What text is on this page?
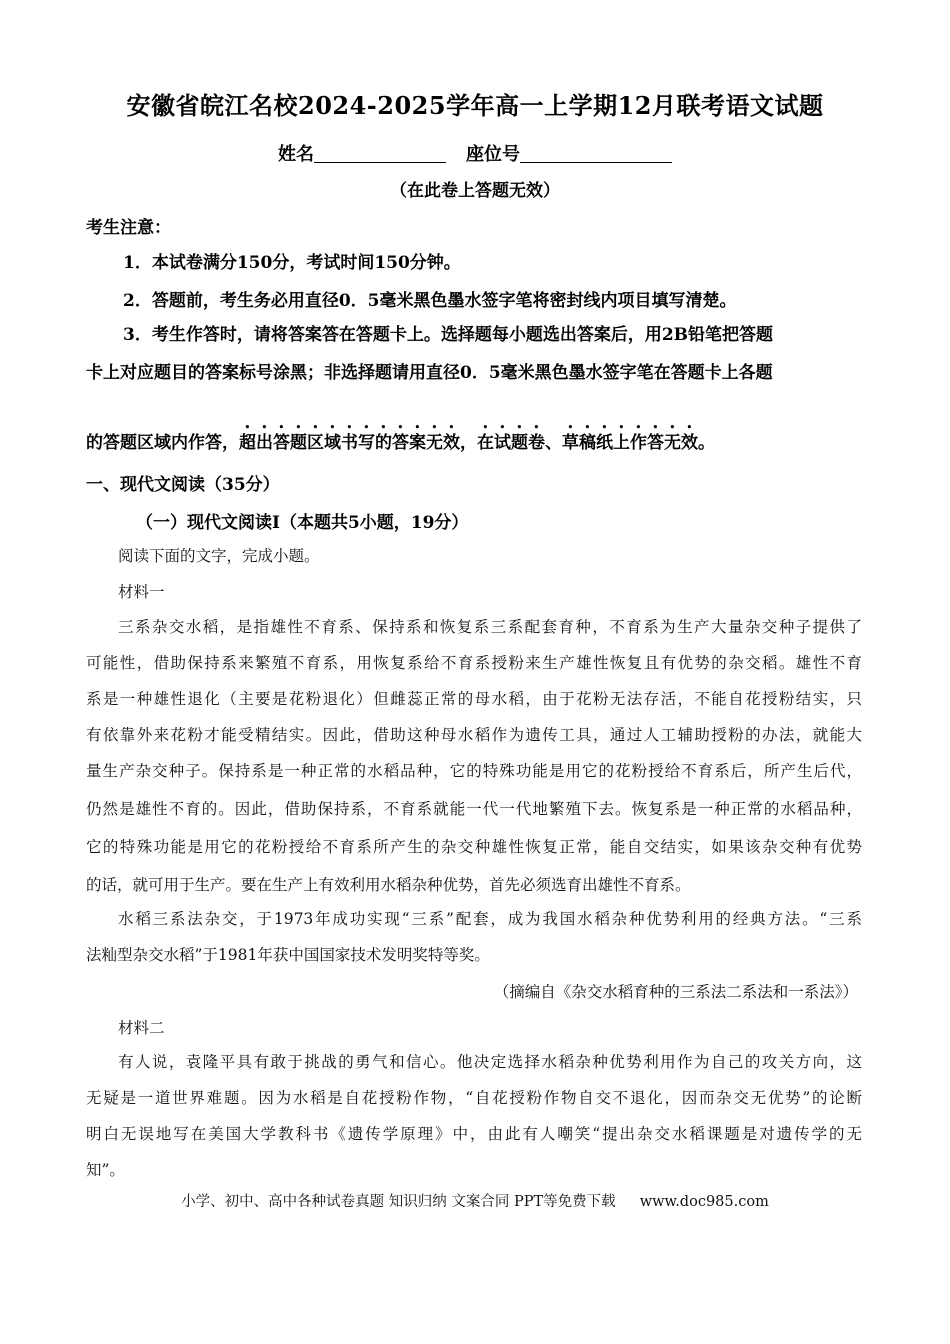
安徽省皖江名校2024-2025学年高一上学期12月联考语文试题
姓名	座位号
（在此卷上答题无效）
考生注意：
1．本试卷满分150分，考试时间150分钟。
2．答题前，考生务必用直径0．5毫米黑色墨水签字笔将密封线内项目填写清楚。
3．考生作答时，请将答案答在答题卡上。选择题每小题选出答案后，用2B铅笔把答题
卡上对应题目的答案标号涂黑；非选择题请用直径0．5毫米黑色墨水签字笔在答题卡上各题
的答题区域内作答，超出答题区域书写的答案无效，在试题卷、草稿纸上作答无效。
一、现代文阅读（35分）
（一）现代文阅读Ⅰ（本题共5小题，19分）
阅读下面的文字，完成小题。
材料一
三系杂交水稻，是指雄性不育系、保持系和恢复系三系配套育种，不育系为生产大量杂交种子提供了
可能性，借助保持系来繁殖不育系，用恢复系给不育系授粉来生产雄性恢复且有优势的杂交稻。雄性不育
系是一种雄性退化（主要是花粉退化）但雌蕊正常的母水稻，由于花粉无法存活，不能自花授粉结实，只
有依靠外来花粉才能受精结实。因此，借助这种母水稻作为遗传工具，通过人工辅助授粉的办法，就能大
量生产杂交种子。保持系是一种正常的水稻品种，它的特殊功能是用它的花粉授给不育系后，所产生后代，
仍然是雄性不育的。因此，借助保持系，不育系就能一代一代地繁殖下去。恢复系是一种正常的水稻品种，
它的特殊功能是用它的花粉授给不育系所产生的杂交种雄性恢复正常，能自交结实，如果该杂交种有优势
的话，就可用于生产。要在生产上有效利用水稻杂种优势，首先必须选育出雄性不育系。
水稻三系法杂交，于1973年成功实现“三系”配套，成为我国水稻杂种优势利用的经典方法。“三系
法籼型杂交水稻”于1981年获中国国家技术发明奖特等奖。
（摘编自《杂交水稻育种的三系法二系法和一系法》）
材料二
有人说，袁隆平具有敢于挑战的勇气和信心。他决定选择水稻杂种优势利用作为自己的攻关方向，这
无疑是一道世界难题。因为水稻是自花授粉作物，“自花授粉作物自交不退化，因而杂交无优势”的论断
明白无误地写在美国大学教科书《遗传学原理》中，由此有人嘲笑“提出杂交水稻课题是对遗传学的无
知”。
小学、初中、高中各种试卷真题 知识归纳 文案合同 PPT等免费下载 www.doc985.com
